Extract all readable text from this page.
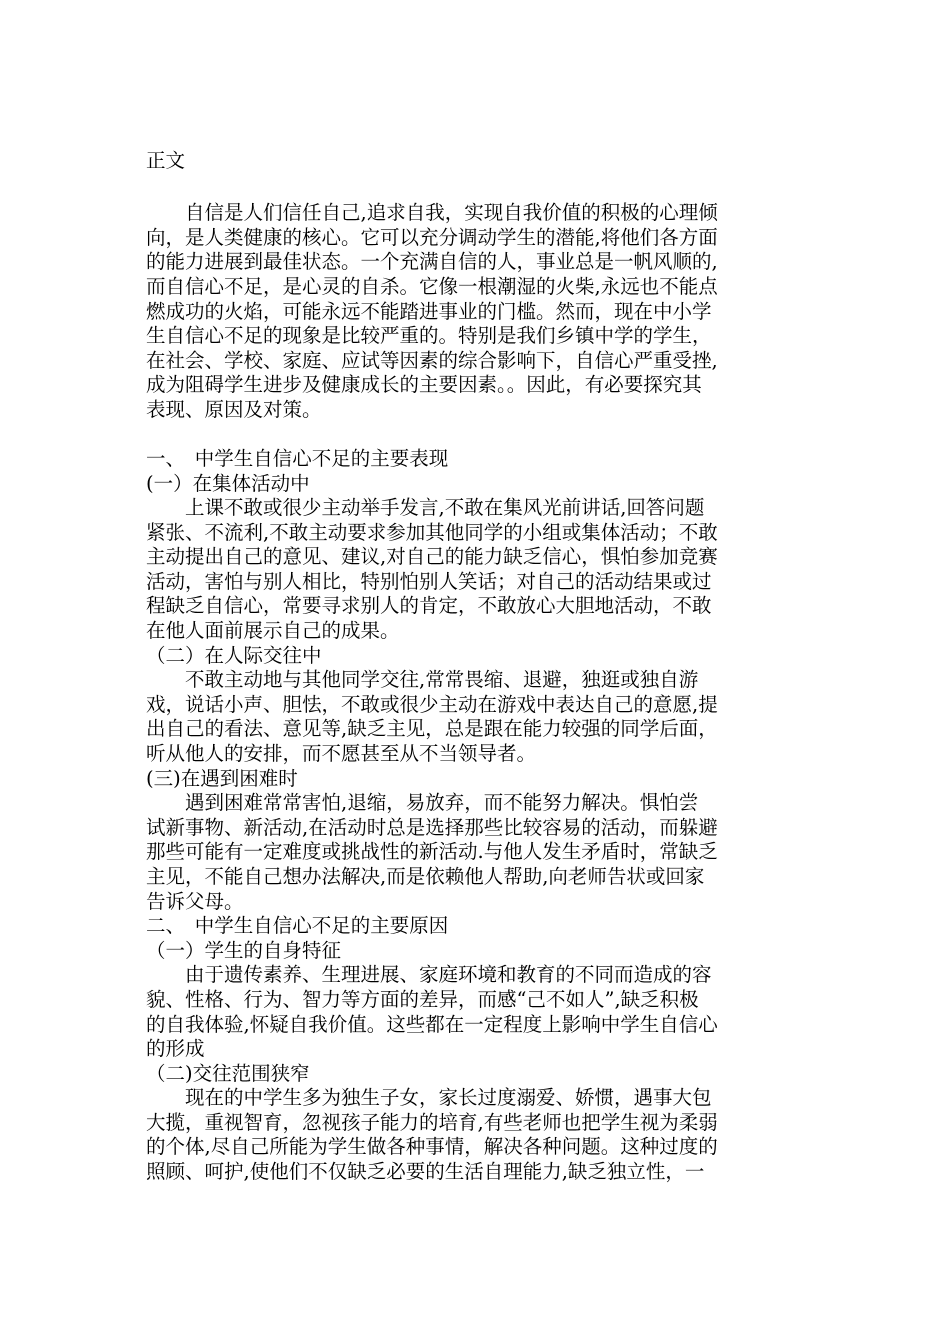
正文
　　自信是人们信任自己,追求自我，实现自我价值的积极的心理倾
向，是人类健康的核心。它可以充分调动学生的潜能,将他们各方面
的能力进展到最佳状态。一个充满自信的人，事业总是一帆风顺的,
而自信心不足，是心灵的自杀。它像一根潮湿的火柴,永远也不能点
燃成功的火焰，可能永远不能踏进事业的门槛。然而，现在中小学
生自信心不足的现象是比较严重的。特别是我们乡镇中学的学生，
在社会、学校、家庭、应试等因素的综合影响下，自信心严重受挫,
成为阻碍学生进步及健康成长的主要因素。。因此，有必要探究其
表现、原因及对策。
一、　中学生自信心不足的主要表现
(一）在集体活动中
　　上课不敢或很少主动举手发言,不敢在集风光前讲话,回答问题
紧张、不流利,不敢主动要求参加其他同学的小组或集体活动；不敢
主动提出自己的意见、建议,对自己的能力缺乏信心，惧怕参加竞赛
活动，害怕与别人相比，特别怕别人笑话；对自己的活动结果或过
程缺乏自信心，常要寻求别人的肯定，不敢放心大胆地活动，不敢
在他人面前展示自己的成果。
（二）在人际交往中
　　不敢主动地与其他同学交往,常常畏缩、退避，独逛或独自游
戏，说话小声、胆怯，不敢或很少主动在游戏中表达自己的意愿,提
出自己的看法、意见等,缺乏主见，总是跟在能力较强的同学后面，
听从他人的安排，而不愿甚至从不当领导者。
(三)在遇到困难时
　　遇到困难常常害怕,退缩，易放弃，而不能努力解决。惧怕尝
试新事物、新活动,在活动时总是选择那些比较容易的活动，而躲避
那些可能有一定难度或挑战性的新活动.与他人发生矛盾时，常缺乏
主见，不能自己想办法解决,而是依赖他人帮助,向老师告状或回家
告诉父母。
二、　中学生自信心不足的主要原因
（一）学生的自身特征
　　由于遗传素养、生理进展、家庭环境和教育的不同而造成的容
貌、性格、行为、智力等方面的差异，而感“己不如人”,缺乏积极
的自我体验,怀疑自我价值。这些都在一定程度上影响中学生自信心
的形成
（二)交往范围狭窄
　　现在的中学生多为独生子女，家长过度溺爱、娇惯，遇事大包
大揽，重视智育，忽视孩子能力的培育,有些老师也把学生视为柔弱
的个体,尽自己所能为学生做各种事情，解决各种问题。这种过度的
照顾、呵护,使他们不仅缺乏必要的生活自理能力,缺乏独立性，一
